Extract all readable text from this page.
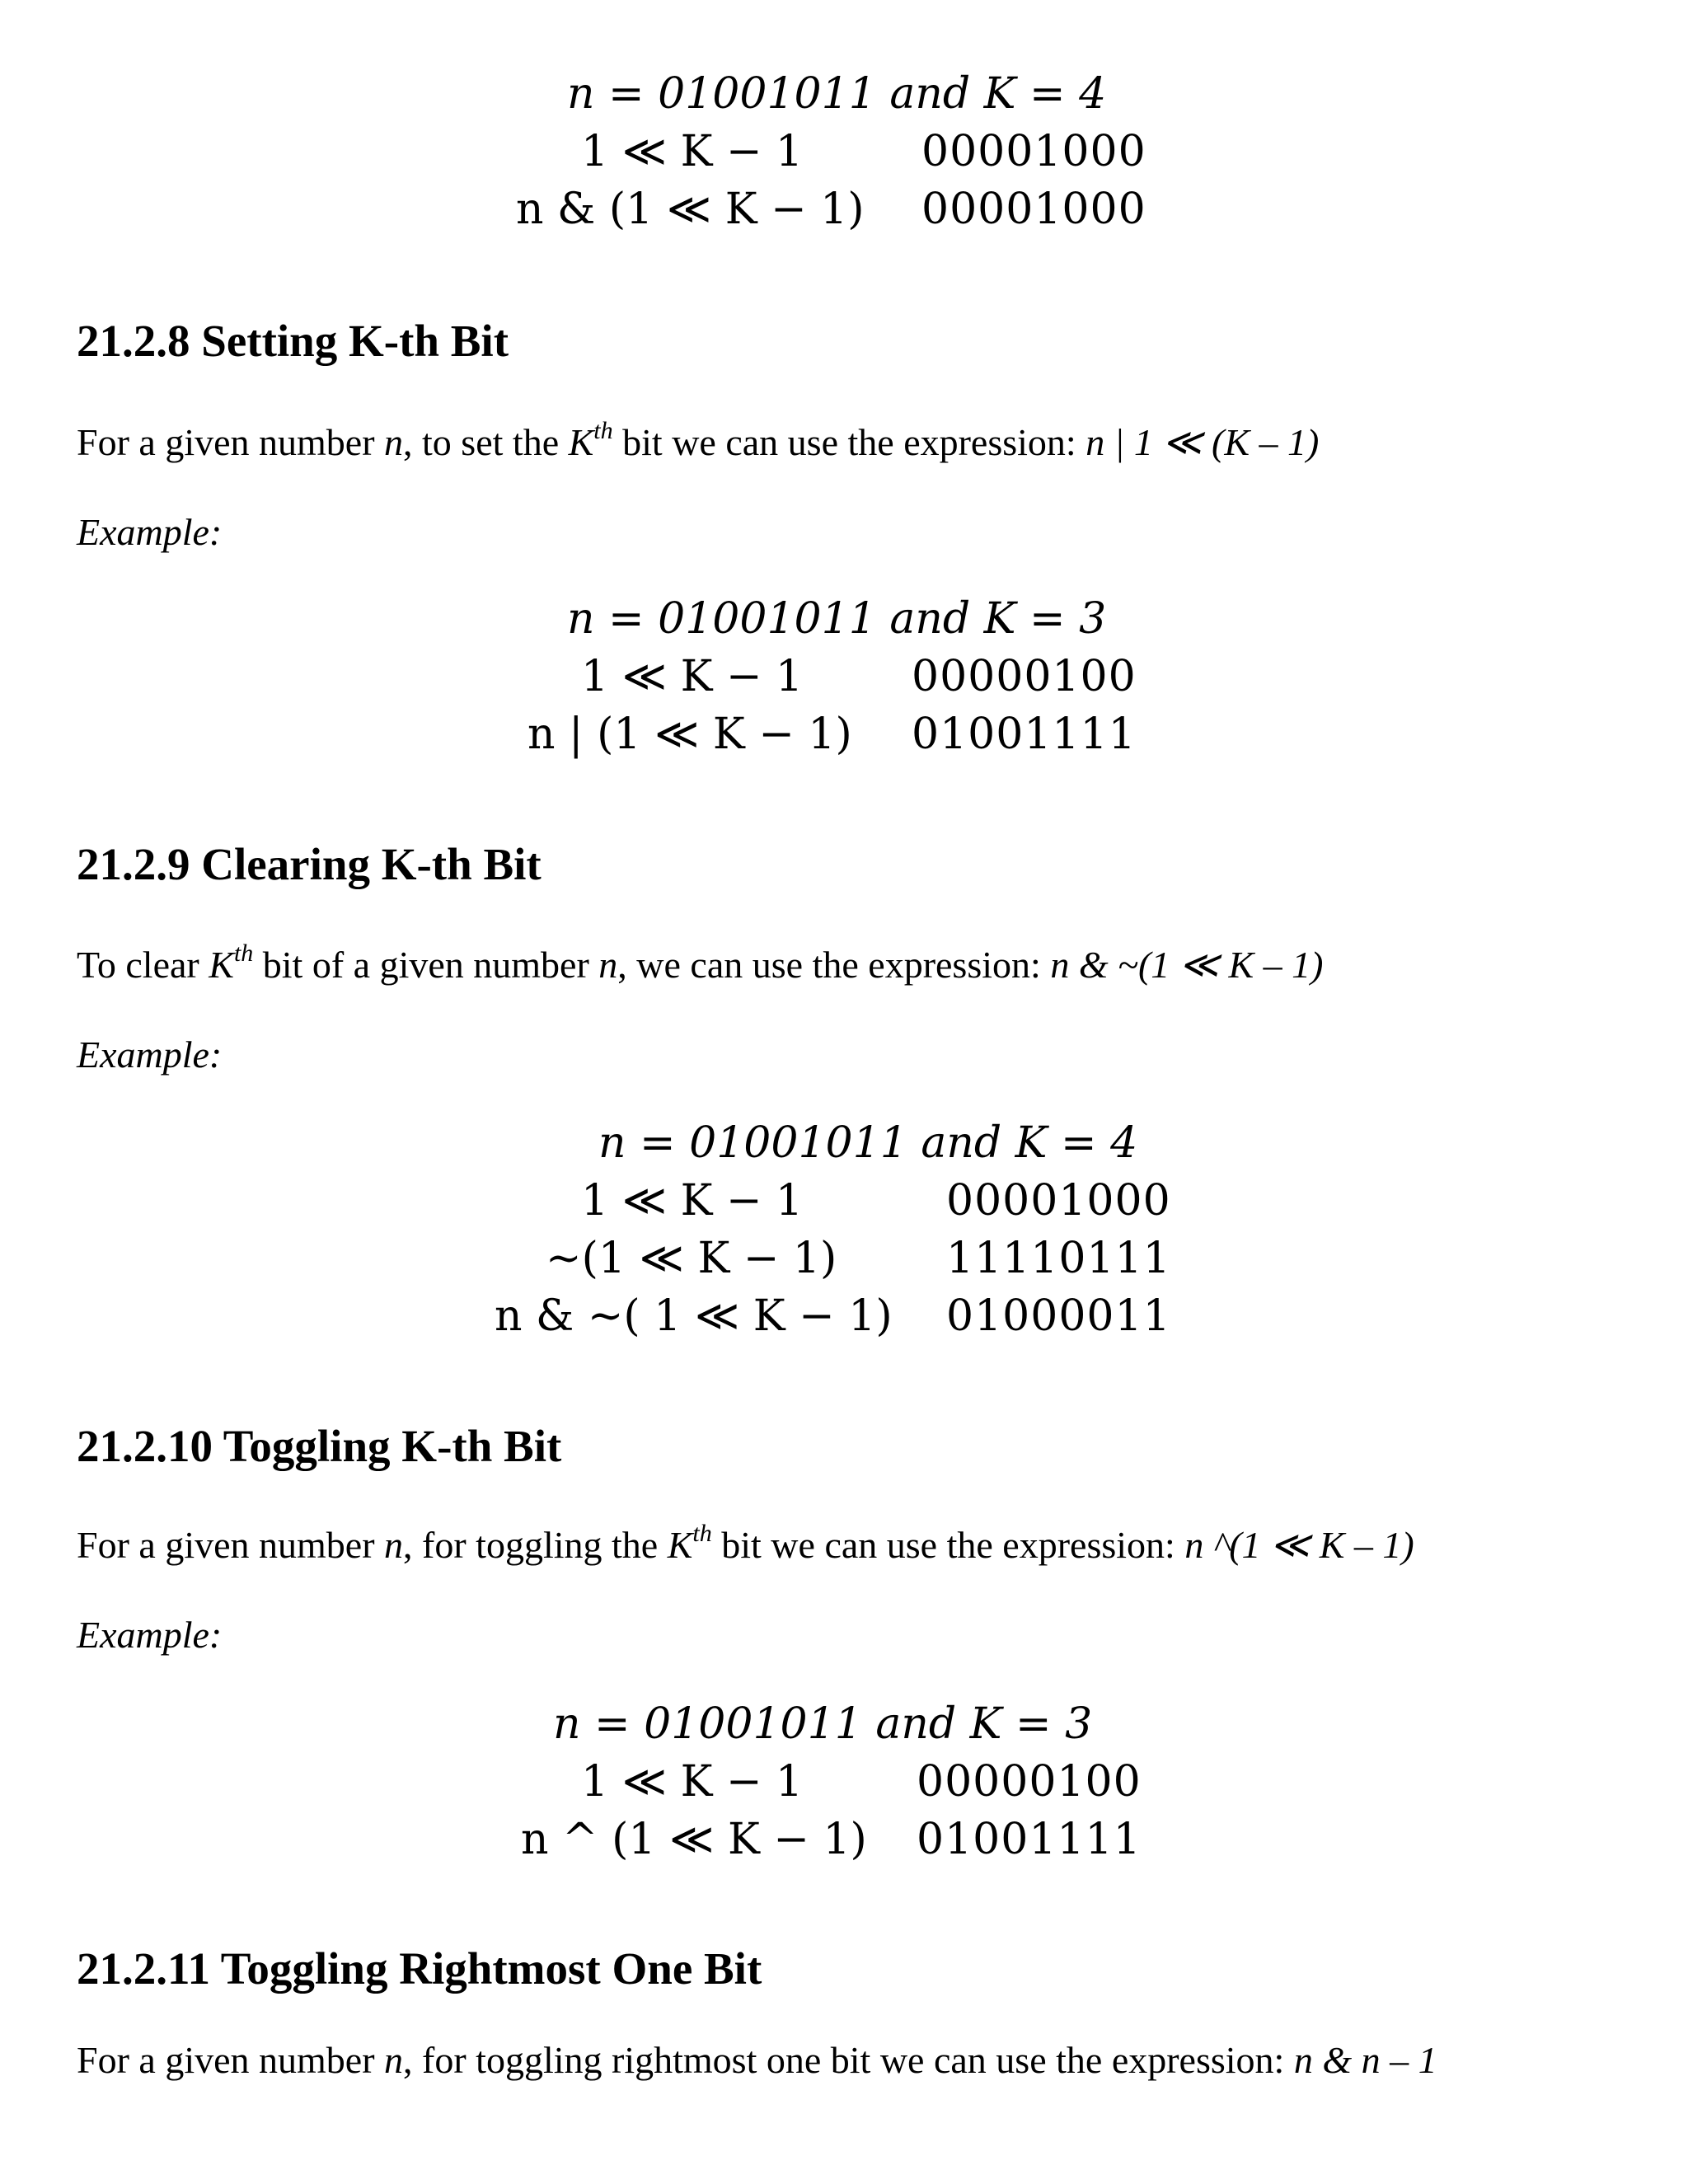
n = 01001011 and K = 4
1 ≪ K − 1	00001000
n & (1 ≪ K − 1) 00001000
21.2.8 Setting K-th Bit

For a given number n, to set the $K^{th}$ bit we can use the expression: n | 1 ≪ (K – 1)

Example:

n = 01001011 and K = 3
1 ≪ K − 1	00000100
n | (1 ≪ K − 1) 01001111
21.2.9 Clearing K-th Bit

To clear $K^{th}$ bit of a given number n, we can use the expression: n & ~(1 ≪ K – 1)

Example:

n = 01001011 and K = 4
1 ≪ K − 1	00001000
~(1 ≪ K − 1)	11110111
n & ~( 1 ≪ K − 1) 01000011
21.2.10 Toggling K-th Bit

For a given number n, for toggling the $K^{th}$ bit we can use the expression: n ^(1 ≪ K – 1)

Example:

n = 01001011 and K = 3
1 ≪ K − 1	00000100
n ^ (1 ≪ K − 1) 01001111
21.2.11 Toggling Rightmost One Bit

For a given number n, for toggling rightmost one bit we can use the expression: n & n – 1
